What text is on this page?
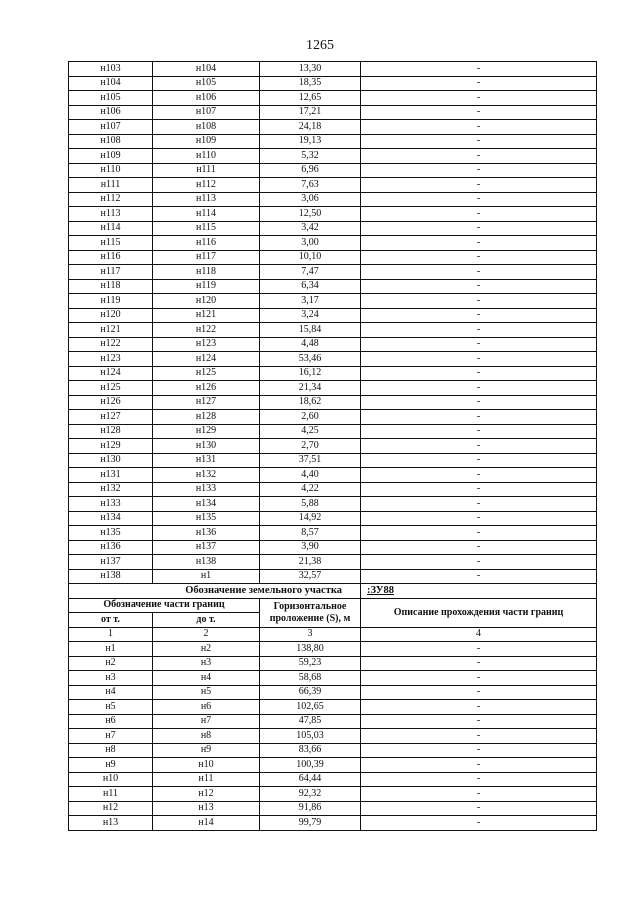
1265
н103	н104	13,30	-
н104	н105	18,35	-
н105	н106	12,65	-
н106	н107	17,21	-
н107	н108	24,18	-
н108	н109	19,13	-
н109	н110	5,32	-
н110	н111	6,96	-
н111	н112	7,63	-
н112	н113	3,06	-
н113	н114	12,50	-
н114	н115	3,42	-
н115	н116	3,00	-
н116	н117	10,10	-
н117	н118	7,47	-
н118	н119	6,34	-
н119	н120	3,17	-
н120	н121	3,24	-
н121	н122	15,84	-
н122	н123	4,48	-
н123	н124	53,46	-
н124	н125	16,12	-
н125	н126	21,34	-
н126	н127	18,62	-
н127	н128	2,60	-
н128	н129	4,25	-
н129	н130	2,70	-
н130	н131	37,51	-
н131	н132	4,40	-
н132	н133	4,22	-
н133	н134	5,88	-
н134	н135	14,92	-
н135	н136	8,57	-
н136	н137	3,90	-
н137	н138	21,38	-
н138	н1	32,57	-
Обозначение земельного участка			:ЗУ88
Обозначение части границ		Горизонтальное проложение (S), м	Описание прохождения части границ
от т.	до т.		
1	2	3	4
н1	н2	138,80	-
н2	н3	59,23	-
н3	н4	58,68	-
н4	н5	66,39	-
н5	н6	102,65	-
н6	н7	47,85	-
н7	н8	105,03	-
н8	н9	83,66	-
н9	н10	100,39	-
н10	н11	64,44	-
н11	н12	92,32	-
н12	н13	91,86	-
н13	н14	99,79	-
